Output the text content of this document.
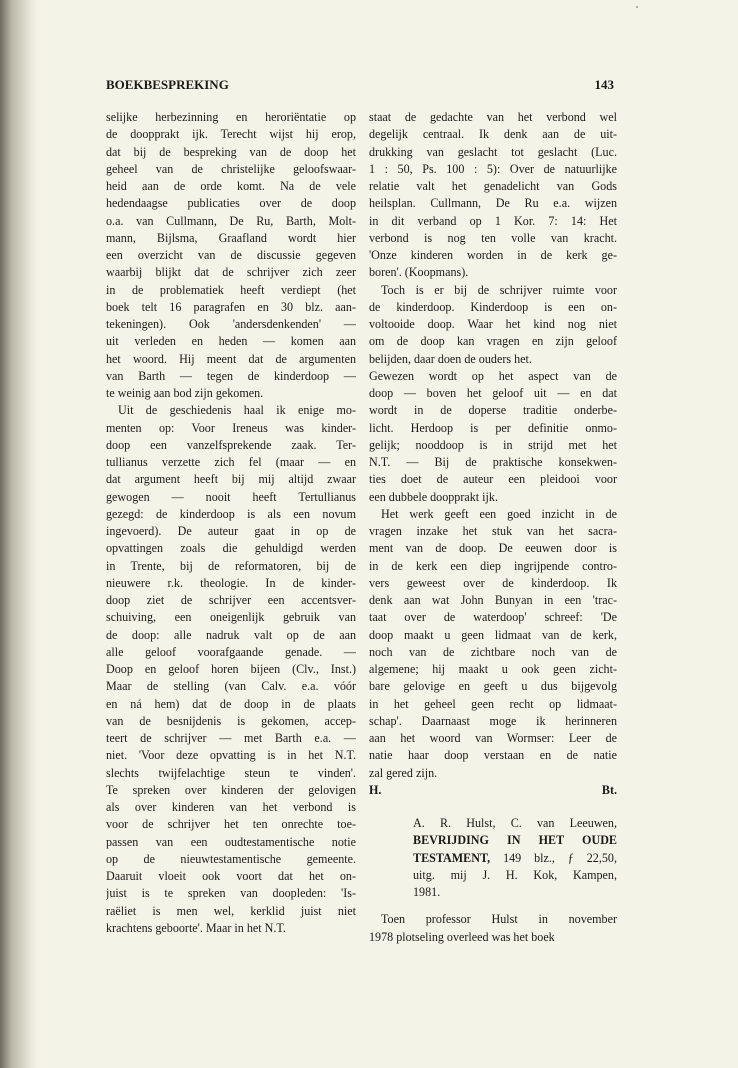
BOEKBESPREKING	143
selijke herbezinning en heroriëntatie op
de doopprakt ijk. Terecht wijst hij erop,
dat bij de bespreking van de doop het
geheel van de christelijke geloofswaar-
heid aan de orde komt. Na de vele
hedendaagse publicaties over de doop
o.a. van Cullmann, De Ru, Barth, Molt-
mann, Bijlsma, Graafland wordt hier
een overzicht van de discussie gegeven
waarbij blijkt dat de schrijver zich zeer
in de problematiek heeft verdiept (het
boek telt 16 paragrafen en 30 blz. aan-
tekeningen). Ook 'andersdenkenden' —
uit verleden en heden — komen aan
het woord. Hij meent dat de argumenten
van Barth — tegen de kinderdoop —
te weinig aan bod zijn gekomen.
Uit de geschiedenis haal ik enige mo-
menten op: Voor Ireneus was kinder-
doop een vanzelfsprekende zaak. Ter-
tullianus verzette zich fel (maar — en
dat argument heeft bij mij altijd zwaar
gewogen — nooit heeft Tertullianus
gezegd: de kinderdoop is als een novum
ingevoerd). De auteur gaat in op de
opvattingen zoals die gehuldigd werden
in Trente, bij de reformatoren, bij de
nieuwere r.k. theologie. In de kinder-
doop ziet de schrijver een accentsver-
schuiving, een oneigenlijk gebruik van
de doop: alle nadruk valt op de aan
alle geloof voorafgaande genade. —
Doop en geloof horen bijeen (Clv., Inst.)
Maar de stelling (van Calv. e.a. vóór
en ná hem) dat de doop in de plaats
van de besnijdenis is gekomen, accep-
teert de schrijver — met Barth e.a. —
niet. 'Voor deze opvatting is in het N.T.
slechts twijfelachtige steun te vinden'.
Te spreken over kinderen der gelovigen
als over kinderen van het verbond is
voor de schrijver het ten onrechte toe-
passen van een oudtestamentische notie
op de nieuwtestamentische gemeente.
Daaruit vloeit ook voort dat het on-
juist is te spreken van doopleden: 'Is-
raëliet is men wel, kerklid juist niet
krachtens geboorte'. Maar in het N.T.
staat de gedachte van het verbond wel
degelijk centraal. Ik denk aan de uit-
drukking van geslacht tot geslacht (Luc.
1 : 50, Ps. 100 : 5): Over de natuurlijke
relatie valt het genadelicht van Gods
heilsplan. Cullmann, De Ru e.a. wijzen
in dit verband op 1 Kor. 7: 14: Het
verbond is nog ten volle van kracht.
'Onze kinderen worden in de kerk ge-
boren'. (Koopmans).
Toch is er bij de schrijver ruimte voor
de kinderdoop. Kinderdoop is een on-
voltooide doop. Waar het kind nog niet
om de doop kan vragen en zijn geloof
belijden, daar doen de ouders het.
Gewezen wordt op het aspect van de
doop — boven het geloof uit — en dat
wordt in de doperse traditie onderbe-
licht. Herdoop is per definitie onmo-
gelijk; nooddoop is in strijd met het
N.T. — Bij de praktische konsekwen-
ties doet de auteur een pleidooi voor
een dubbele doopprakt ijk.
Het werk geeft een goed inzicht in de
vragen inzake het stuk van het sacra-
ment van de doop. De eeuwen door is
in de kerk een diep ingrijpende contro-
vers geweest over de kinderdoop. Ik
denk aan wat John Bunyan in een 'trac-
taat over de waterdoop' schreef: 'De
doop maakt u geen lidmaat van de kerk,
noch van de zichtbare noch van de
algemene; hij maakt u ook geen zicht-
bare gelovige en geeft u dus bijgevolg
in het geheel geen recht op lidmaat-
schap'. Daarnaast moge ik herinneren
aan het woord van Wormser: Leer de
natie haar doop verstaan en de natie
zal gered zijn.
H.	Bt.
A. R. Hulst, C. van Leeuwen,
BEVRIJDING IN HET OUDE
TESTAMENT, 149 blz., ƒ 22,50,
uitg. mij J. H. Kok, Kampen,
1981.
Toen professor Hulst in november
1978 plotseling overleed was het boek
